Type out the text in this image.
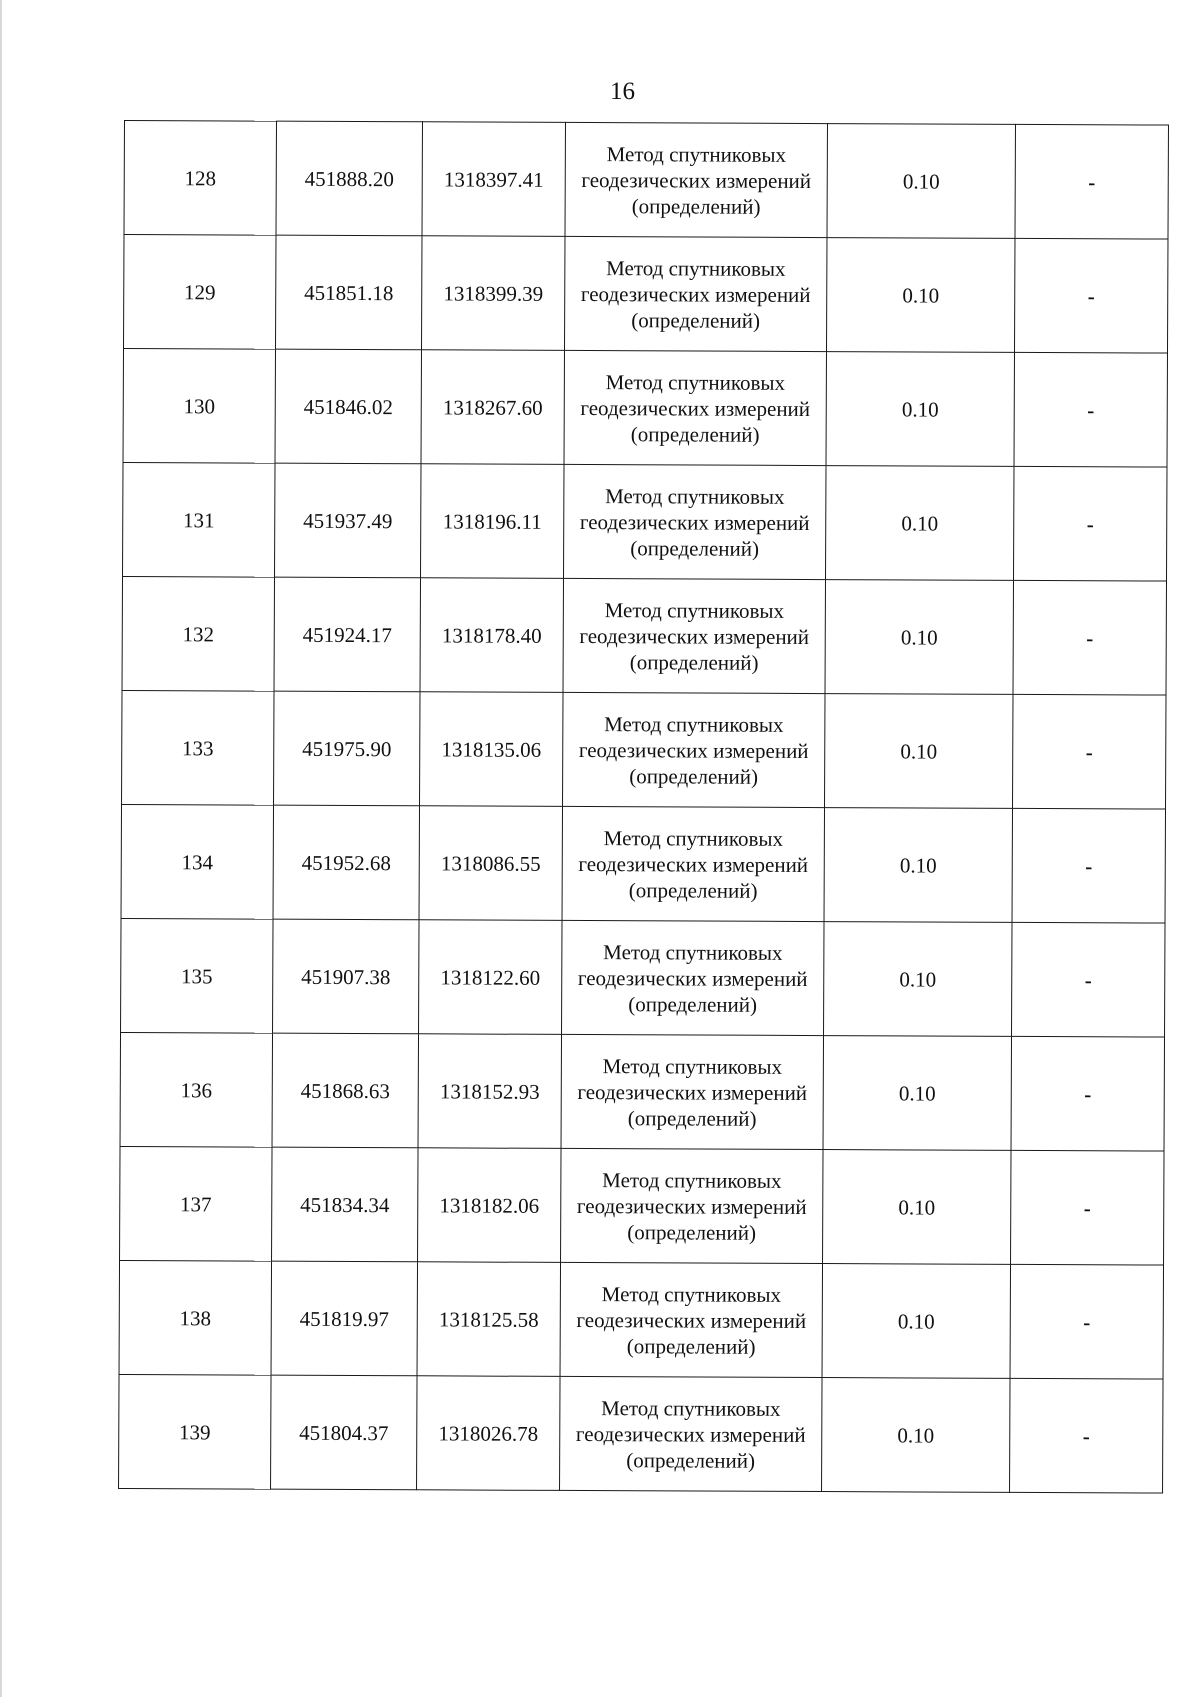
16
128	451888.20	1318397.41	Метод спутниковых геодезических измерений (определений)	0.10	-
129	451851.18	1318399.39	Метод спутниковых геодезических измерений (определений)	0.10	-
130	451846.02	1318267.60	Метод спутниковых геодезических измерений (определений)	0.10	-
131	451937.49	1318196.11	Метод спутниковых геодезических измерений (определений)	0.10	-
132	451924.17	1318178.40	Метод спутниковых геодезических измерений (определений)	0.10	-
133	451975.90	1318135.06	Метод спутниковых геодезических измерений (определений)	0.10	-
134	451952.68	1318086.55	Метод спутниковых геодезических измерений (определений)	0.10	-
135	451907.38	1318122.60	Метод спутниковых геодезических измерений (определений)	0.10	-
136	451868.63	1318152.93	Метод спутниковых геодезических измерений (определений)	0.10	-
137	451834.34	1318182.06	Метод спутниковых геодезических измерений (определений)	0.10	-
138	451819.97	1318125.58	Метод спутниковых геодезических измерений (определений)	0.10	-
139	451804.37	1318026.78	Метод спутниковых геодезических измерений (определений)	0.10	-
